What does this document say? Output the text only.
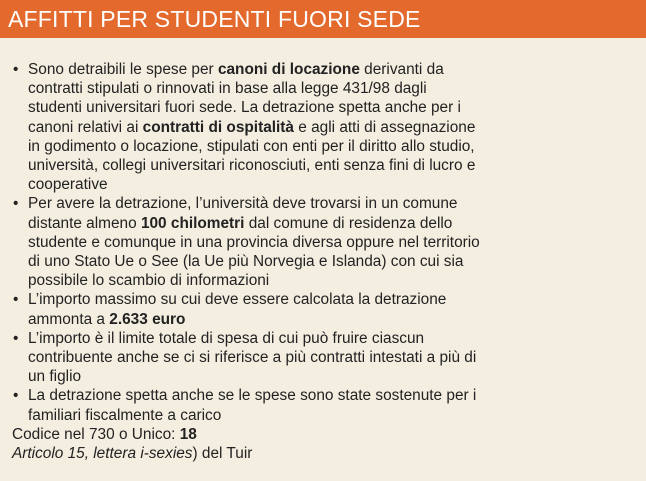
AFFITTI PER STUDENTI FUORI SEDE
• Sono detraibili le spese per canoni di locazione derivanti da contratti stipulati o rinnovati in base alla legge 431/98 dagli studenti universitari fuori sede. La detrazione spetta anche per i canoni relativi ai contratti di ospitalità e agli atti di assegnazione in godimento o locazione, stipulati con enti per il diritto allo studio, università, collegi universitari riconosciuti, enti senza fini di lucro e cooperative
• Per avere la detrazione, l’università deve trovarsi in un comune distante almeno 100 chilometri dal comune di residenza dello studente e comunque in una provincia diversa oppure nel territorio di uno Stato Ue o See (la Ue più Norvegia e Islanda) con cui sia possibile lo scambio di informazioni
• L’importo massimo su cui deve essere calcolata la detrazione ammonta a 2.633 euro
• L’importo è il limite totale di spesa di cui può fruire ciascun contribuente anche se ci si riferisce a più contratti intestati a più di un figlio
• La detrazione spetta anche se le spese sono state sostenute per i familiari fiscalmente a carico

Codice nel 730 o Unico: 18

Articolo 15, lettera i-sexies) del Tuir
